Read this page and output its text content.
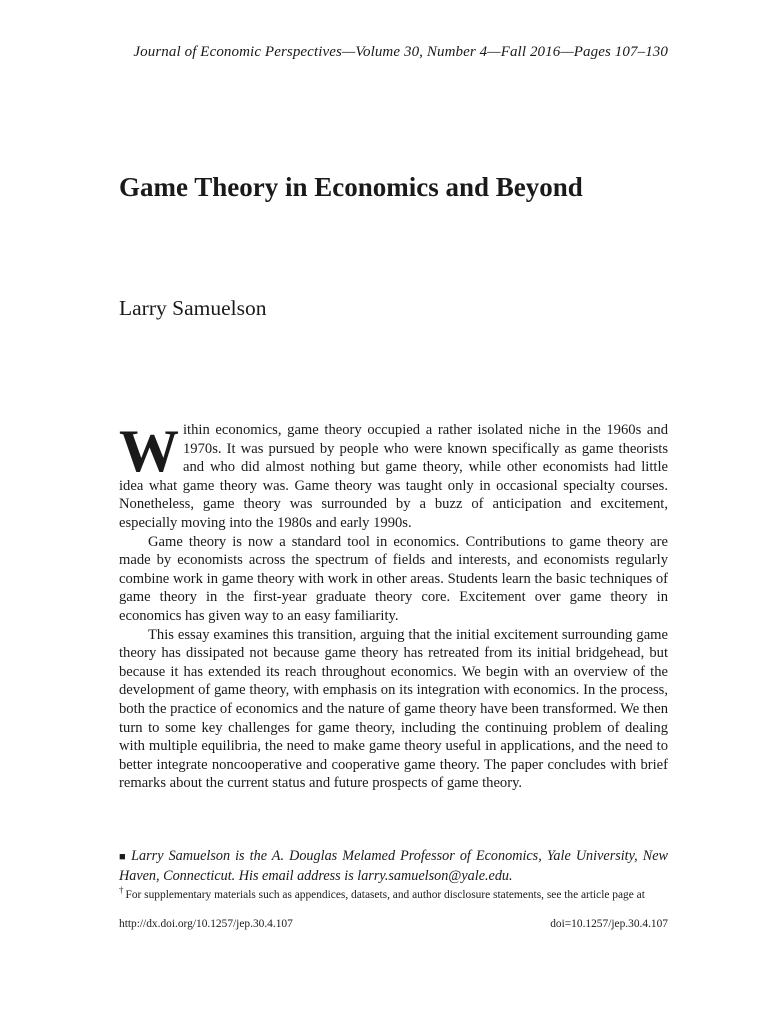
Journal of Economic Perspectives—Volume 30, Number 4—Fall 2016—Pages 107–130
Game Theory in Economics and Beyond
Larry Samuelson

Within economics, game theory occupied a rather isolated niche in the 1960s and 1970s. It was pursued by people who were known specifically as game theorists and who did almost nothing but game theory, while other economists had little idea what game theory was. Game theory was taught only in occasional specialty courses. Nonetheless, game theory was surrounded by a buzz of anticipation and excitement, especially moving into the 1980s and early 1990s.

Game theory is now a standard tool in economics. Contributions to game theory are made by economists across the spectrum of fields and interests, and economists regularly combine work in game theory with work in other areas. Students learn the basic techniques of game theory in the first-year graduate theory core. Excitement over game theory in economics has given way to an easy familiarity.

This essay examines this transition, arguing that the initial excitement surrounding game theory has dissipated not because game theory has retreated from its initial bridgehead, but because it has extended its reach throughout economics. We begin with an overview of the development of game theory, with emphasis on its integration with economics. In the process, both the practice of economics and the nature of game theory have been transformed. We then turn to some key challenges for game theory, including the continuing problem of dealing with multiple equilibria, the need to make game theory useful in applications, and the need to better integrate noncooperative and cooperative game theory. The paper concludes with brief remarks about the current status and future prospects of game theory.

■ Larry Samuelson is the A. Douglas Melamed Professor of Economics, Yale University, New Haven, Connecticut. His email address is larry.samuelson@yale.edu.
† For supplementary materials such as appendices, datasets, and author disclosure statements, see the article page at
http://dx.doi.org/10.1257/jep.30.4.107	doi=10.1257/jep.30.4.107
